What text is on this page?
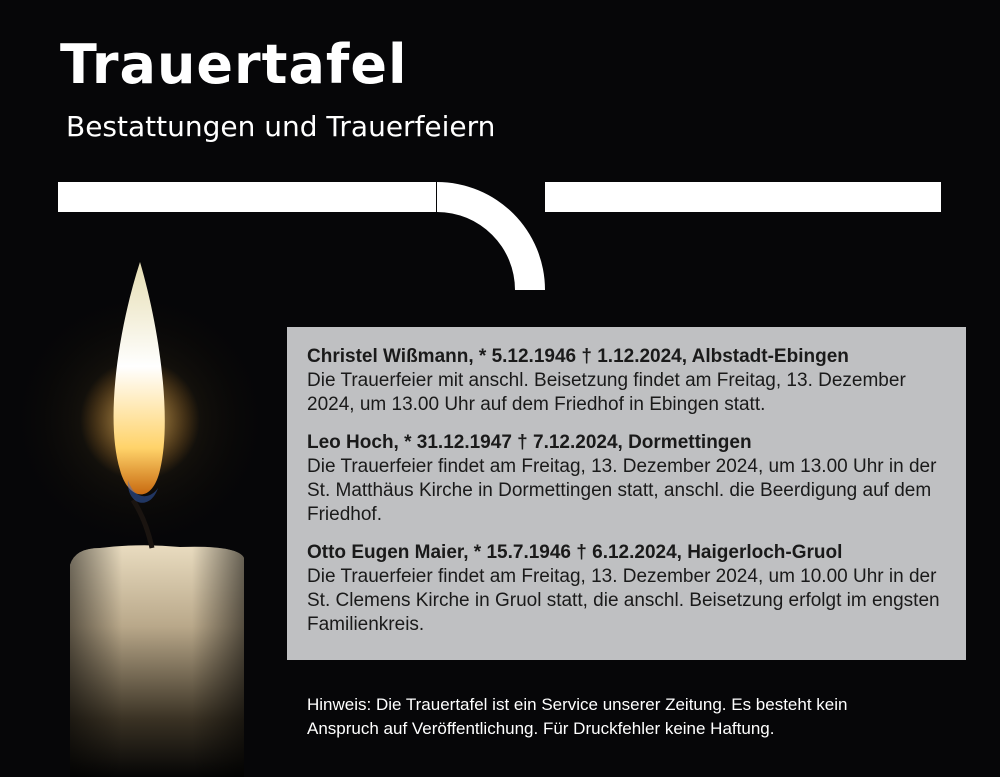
Trauertafel
Bestattungen und Trauerfeiern
Christel Wißmann, * 5.12.1946 † 1.12.2024, Albstadt-Ebingen
Die Trauerfeier mit anschl. Beisetzung findet am Freitag, 13. Dezember 2024, um 13.00 Uhr auf dem Friedhof in Ebingen statt.
Leo Hoch, * 31.12.1947 † 7.12.2024, Dormettingen
Die Trauerfeier findet am Freitag, 13. Dezember 2024, um 13.00 Uhr in der St. Matthäus Kirche in Dormettingen statt, anschl. die Beerdigung auf dem Friedhof.
Otto Eugen Maier, * 15.7.1946 † 6.12.2024, Haigerloch-Gruol
Die Trauerfeier findet am Freitag, 13. Dezember 2024, um 10.00 Uhr in der St. Clemens Kirche in Gruol statt, die anschl. Beisetzung erfolgt im engsten Familienkreis.
Hinweis: Die Trauertafel ist ein Service unserer Zeitung. Es besteht kein Anspruch auf Veröffentlichung. Für Druckfehler keine Haftung.
